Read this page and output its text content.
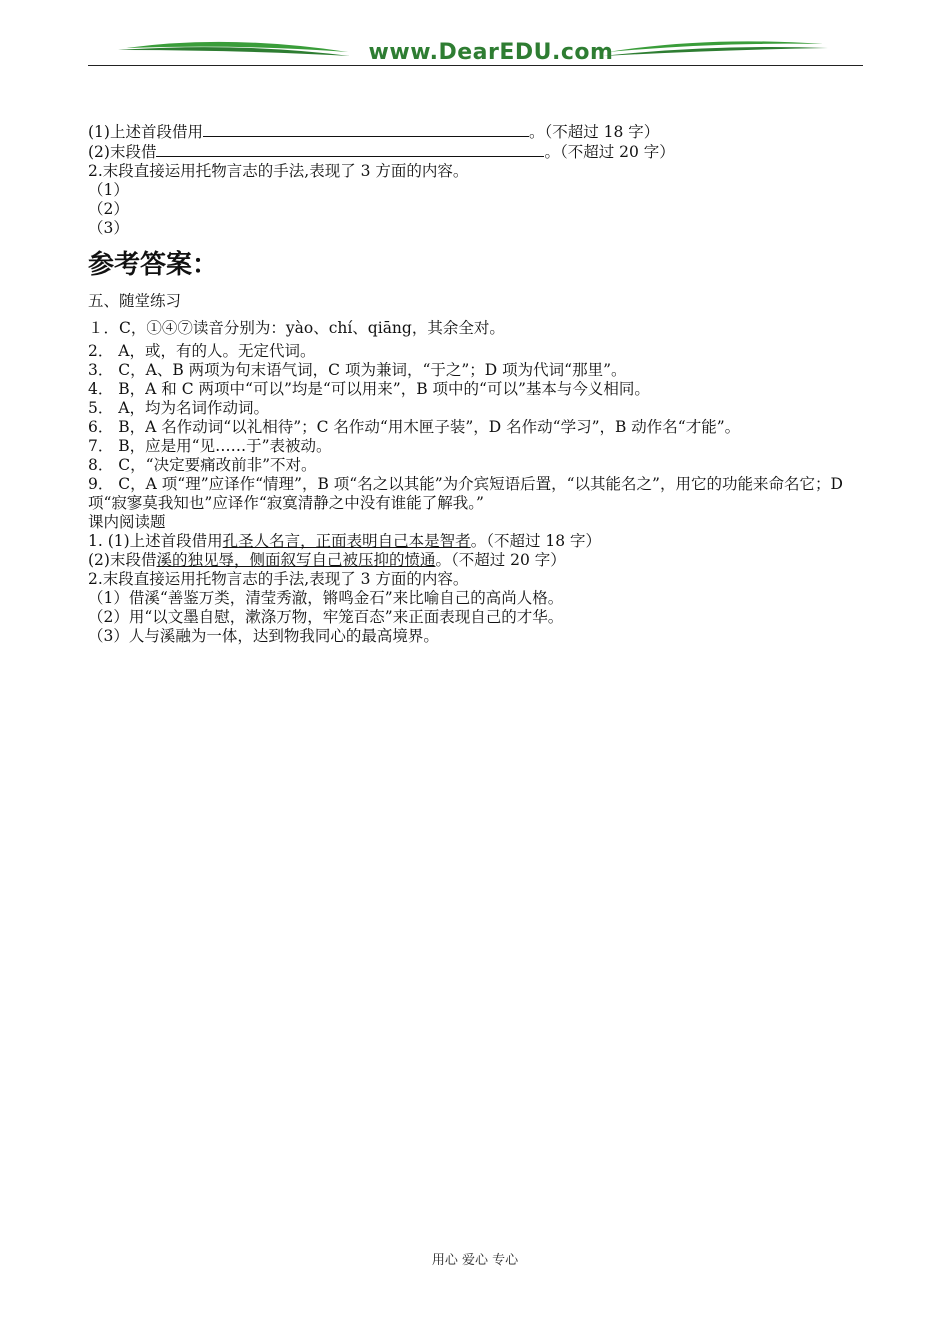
www.DearEDU.com
(1)上述首段借用	。（不超过 18 字）
(2)末段借	。（不超过 20 字）
2.末段直接运用托物言志的手法,表现了 3 方面的内容。
（1）
（2）
（3）
参考答案：
五、随堂练习
１．C，①④⑦读音分别为：yào、chí、qiāng，其余全对。
2． A，或，有的人。无定代词。
3． C，A、B 两项为句末语气词，C 项为兼词，“于之”；D 项为代词“那里”。
4． B，A 和 C 两项中“可以”均是“可以用来”，B 项中的“可以”基本与今义相同。
5． A，均为名词作动词。
6． B，A 名作动词“以礼相待”；C 名作动“用木匣子装”，D 名作动“学习”，B 动作名“才能”。
7． B，应是用“见……于”表被动。
8． C，“决定要痛改前非”不对。
9． C，A 项“理”应译作“情理”，B 项“名之以其能”为介宾短语后置，“以其能名之”，用它的功能来命名它；D 项“寂寥莫我知也”应译作“寂寞清静之中没有谁能了解我。”
课内阅读题
1. (1)上述首段借用孔圣人名言，正面表明自己本是智者。（不超过 18 字）
(2)末段借溪的独见辱，侧面叙写自己被压抑的愤通。（不超过 20 字）
2.末段直接运用托物言志的手法,表现了 3 方面的内容。
（1）借溪“善鉴万类，清莹秀澈，锵鸣金石”来比喻自己的高尚人格。
（2）用“以文墨自慰，漱涤万物，牢笼百态”来正面表现自己的才华。
（3）人与溪融为一体，达到物我同心的最高境界。
用心 爱心 专心
